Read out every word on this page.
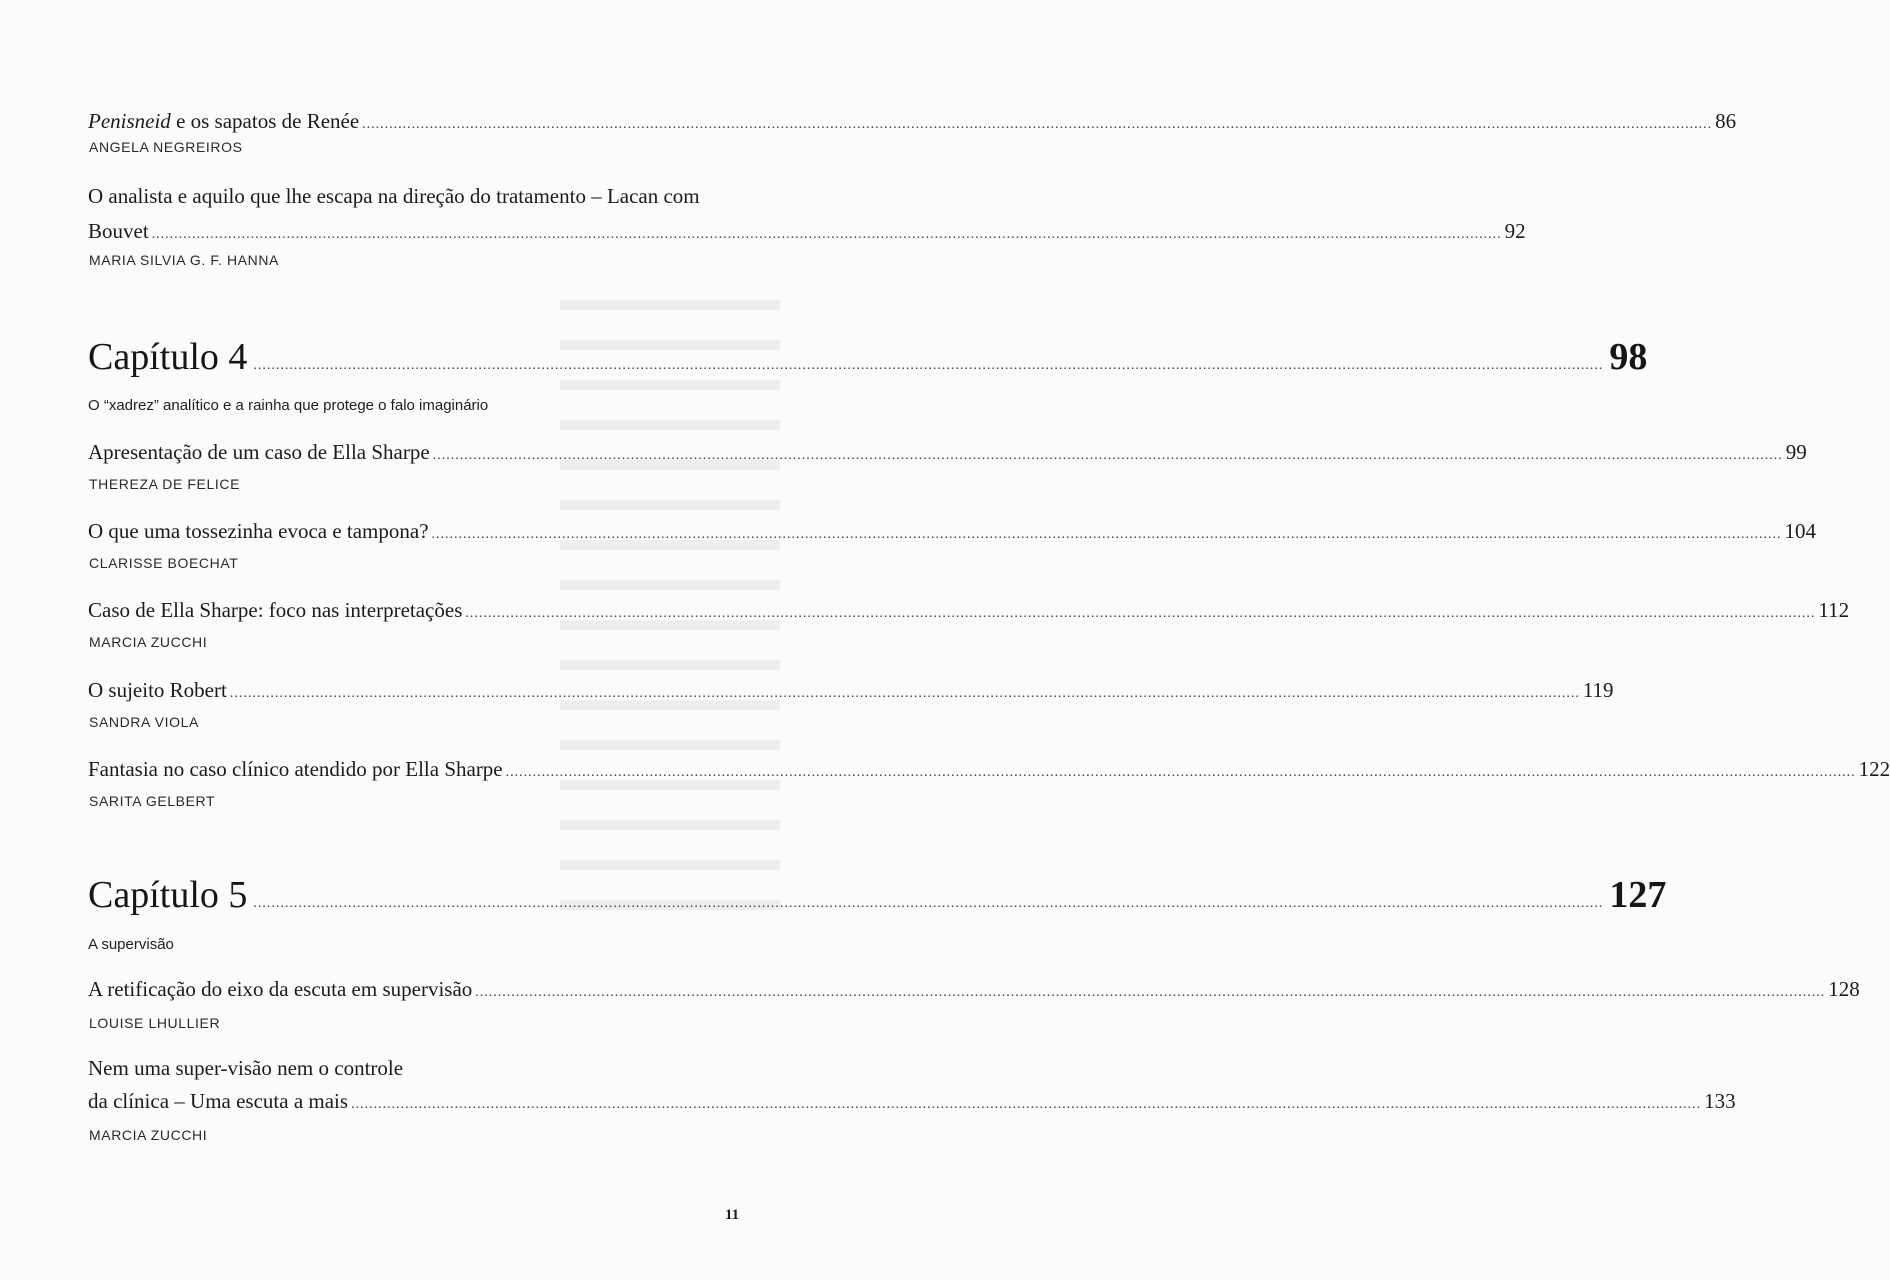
Penisneid e os sapatos de Renée ............................................................................................................................................................................................................................................................................................................ 86
ANGELA NEGREIROS
O analista e aquilo que lhe escapa na direção do tratamento – Lacan com
Bouvet ............................................................................................................................................................................................................................................................................................................ 92
MARIA SILVIA G. F. HANNA
Capítulo 4 ............................................................................................................................................................................................................................................................................................................ 98
O “xadrez” analítico e a rainha que protege o falo imaginário
Apresentação de um caso de Ella Sharpe ............................................................................................................................................................................................................................................................................................................ 99
THEREZA DE FELICE
O que uma tossezinha evoca e tampona? ............................................................................................................................................................................................................................................................................................................ 104
CLARISSE BOECHAT
Caso de Ella Sharpe: foco nas interpretações ............................................................................................................................................................................................................................................................................................................ 112
MARCIA ZUCCHI
O sujeito Robert ............................................................................................................................................................................................................................................................................................................ 119
SANDRA VIOLA
Fantasia no caso clínico atendido por Ella Sharpe ............................................................................................................................................................................................................................................................................................................ 122
SARITA GELBERT
Capítulo 5 ............................................................................................................................................................................................................................................................................................................ 127
A supervisão
A retificação do eixo da escuta em supervisão ............................................................................................................................................................................................................................................................................................................ 128
LOUISE LHULLIER
Nem uma super-visão nem o controle
da clínica – Uma escuta a mais ............................................................................................................................................................................................................................................................................................................ 133
MARCIA ZUCCHI
11
